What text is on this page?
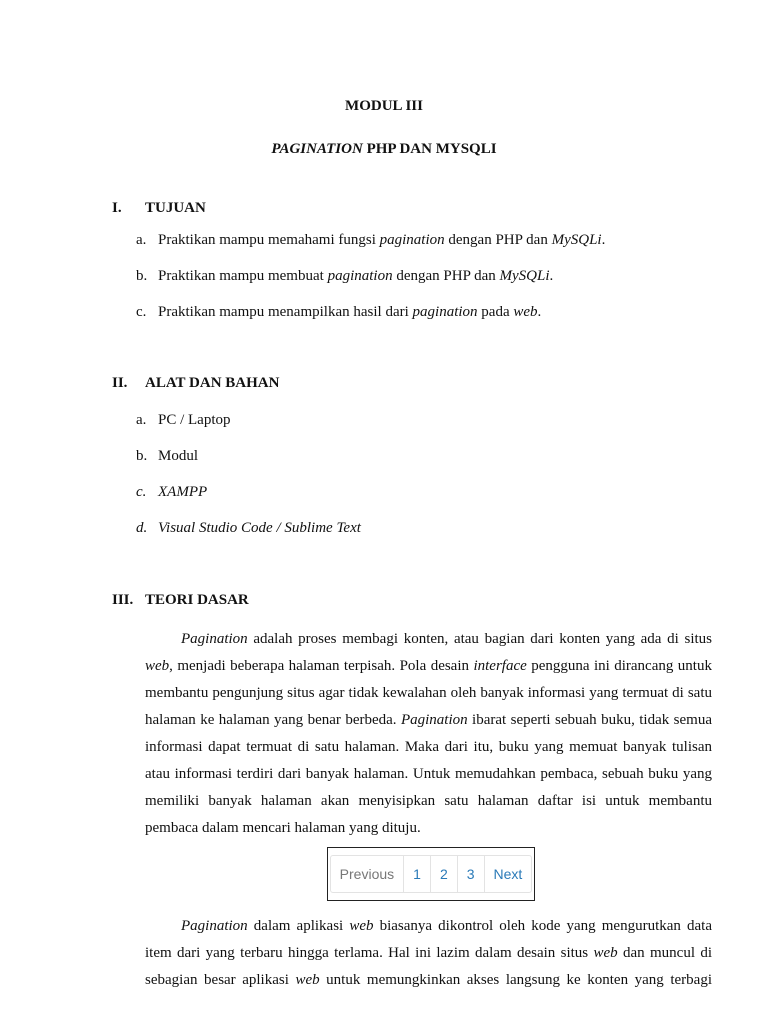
MODUL III
PAGINATION PHP DAN MYSQLI
I. TUJUAN
a. Praktikan mampu memahami fungsi pagination dengan PHP dan MySQLi.
b. Praktikan mampu membuat pagination dengan PHP dan MySQLi.
c. Praktikan mampu menampilkan hasil dari pagination pada web.
II. ALAT DAN BAHAN
a. PC / Laptop
b. Modul
c. XAMPP
d. Visual Studio Code / Sublime Text
III. TEORI DASAR
Pagination adalah proses membagi konten, atau bagian dari konten yang ada di situs
web, menjadi beberapa halaman terpisah. Pola desain interface pengguna ini dirancang untuk
membantu pengunjung situs agar tidak kewalahan oleh banyak informasi yang termuat di satu
halaman ke halaman yang benar berbeda. Pagination ibarat seperti sebuah buku, tidak semua
informasi dapat termuat di satu halaman. Maka dari itu, buku yang memuat banyak tulisan
atau informasi terdiri dari banyak halaman. Untuk memudahkan pembaca, sebuah buku yang
memiliki banyak halaman akan menyisipkan satu halaman daftar isi untuk membantu
pembaca dalam mencari halaman yang dituju.
Previous	1	2	3	Next
Pagination dalam aplikasi web biasanya dikontrol oleh kode yang mengurutkan data
item dari yang terbaru hingga terlama. Hal ini lazim dalam desain situs web dan muncul di
sebagian besar aplikasi web untuk memungkinkan akses langsung ke konten yang terbagi
